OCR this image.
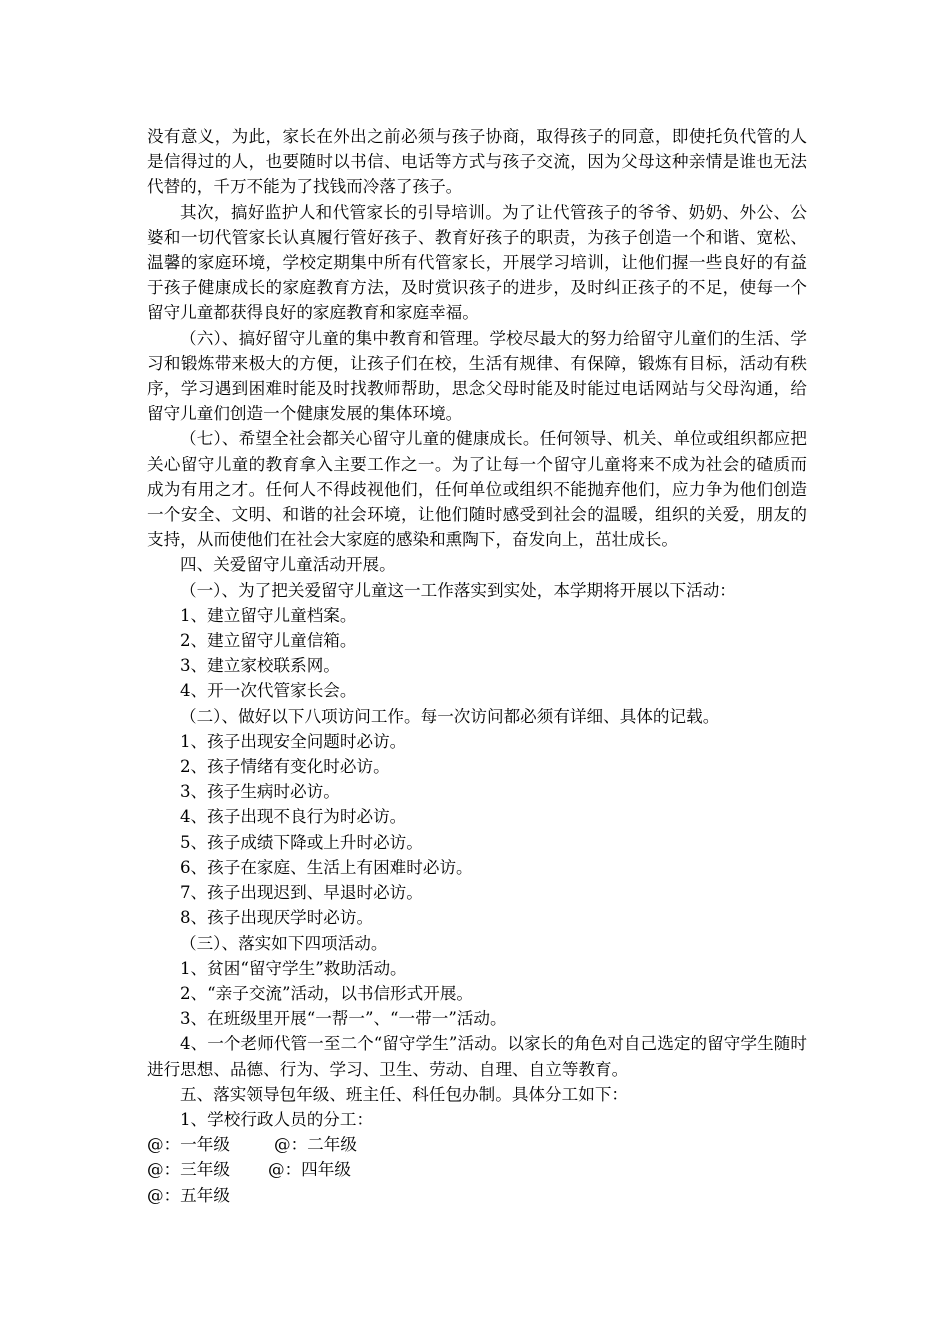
没有意义，为此，家长在外出之前必须与孩子协商，取得孩子的同意，即使托负代管的人是信得过的人，也要随时以书信、电话等方式与孩子交流，因为父母这种亲情是谁也无法代替的，千万不能为了找钱而冷落了孩子。

其次，搞好监护人和代管家长的引导培训。为了让代管孩子的爷爷、奶奶、外公、公婆和一切代管家长认真履行管好孩子、教育好孩子的职责，为孩子创造一个和谐、宽松、温馨的家庭环境，学校定期集中所有代管家长，开展学习培训，让他们握一些良好的有益于孩子健康成长的家庭教育方法，及时赏识孩子的进步，及时纠正孩子的不足，使每一个留守儿童都获得良好的家庭教育和家庭幸福。

（六）、搞好留守儿童的集中教育和管理。学校尽最大的努力给留守儿童们的生活、学习和锻炼带来极大的方便，让孩子们在校，生活有规律、有保障，锻炼有目标，活动有秩序，学习遇到困难时能及时找教师帮助，思念父母时能及时能过电话网站与父母沟通，给留守儿童们创造一个健康发展的集体环境。

（七）、希望全社会都关心留守儿童的健康成长。任何领导、机关、单位或组织都应把关心留守儿童的教育拿入主要工作之一。为了让每一个留守儿童将来不成为社会的碴质而成为有用之才。任何人不得歧视他们，任何单位或组织不能抛弃他们，应力争为他们创造一个安全、文明、和谐的社会环境，让他们随时感受到社会的温暖，组织的关爱，朋友的支持，从而使他们在社会大家庭的感染和熏陶下，奋发向上，茁壮成长。

四、关爱留守儿童活动开展。

（一）、为了把关爱留守儿童这一工作落实到实处，本学期将开展以下活动：

1、建立留守儿童档案。

2、建立留守儿童信箱。

3、建立家校联系网。

4、开一次代管家长会。

（二）、做好以下八项访问工作。每一次访问都必须有详细、具体的记载。

1、孩子出现安全问题时必访。

2、孩子情绪有变化时必访。

3、孩子生病时必访。

4、孩子出现不良行为时必访。

5、孩子成绩下降或上升时必访。

6、孩子在家庭、生活上有困难时必访。

7、孩子出现迟到、早退时必访。

8、孩子出现厌学时必访。

（三）、落实如下四项活动。

1、贫困“留守学生”救助活动。

2、“亲子交流”活动，以书信形式开展。

3、在班级里开展“一帮一”、“一带一”活动。

4、一个老师代管一至二个“留守学生”活动。以家长的角色对自己选定的留守学生随时进行思想、品德、行为、学习、卫生、劳动、自理、自立等教育。

五、落实领导包年级、班主任、科任包办制。具体分工如下：

1、学校行政人员的分工：

@：一年级	@：二年级

@：三年级 @：四年级

@：五年级
